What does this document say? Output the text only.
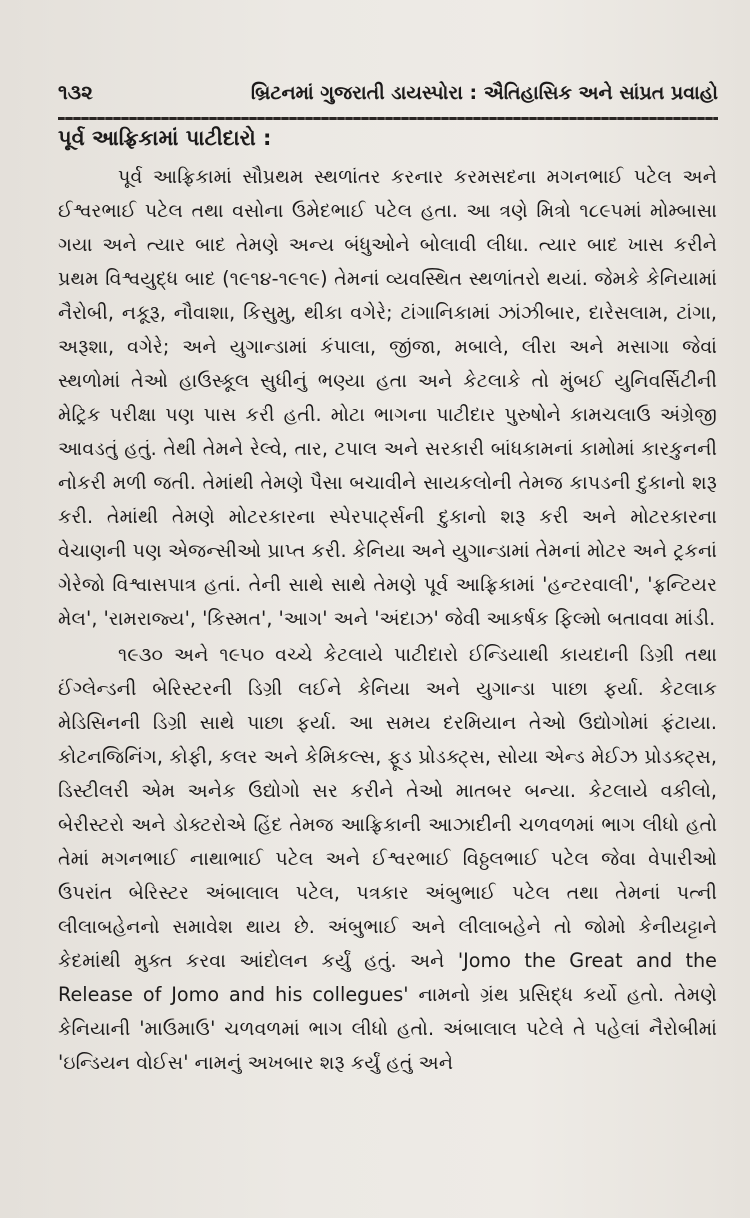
૧૩૨	બ્રિટનમાં ગુજરાતી ડાયસ્પોરા : ઐતિહાસિક અને સાંપ્રત પ્રવાહો
પૂર્વ આફ્રિકામાં પાટીદારો :

પૂર્વ આફ્રિકામાં સૌપ્રથમ સ્થળાંતર કરનાર કરમસદના મગનભાઈ પટેલ અને ઈશ્વરભાઈ પટેલ તથા વસોના ઉમેદભાઈ પટેલ હતા. આ ત્રણે મિત્રો ૧૮૯૫માં મોમ્બાસા ગયા અને ત્યાર બાદ તેમણે અન્ય બંધુઓને બોલાવી લીધા. ત્યાર બાદ ખાસ કરીને પ્રથમ વિશ્વયુદ્ધ બાદ (૧૯૧૪-૧૯૧૯) તેમનાં વ્યવસ્થિત સ્થળાંતરો થયાં. જેમકે કેનિયામાં નૈરોબી, નકૂરૂ, નૌવાશા, કિસુમુ, થીકા વગેરે; ટાંગાનિકામાં ઝાંઝીબાર, દારેસલામ, ટાંગા, અરૂશા, વગેરે; અને યુગાન્ડામાં કંપાલા, જીંજા, મબાલે, લીરા અને મસાગા જેવાં સ્થળોમાં તેઓ હાઉસ્કૂલ સુધીનું ભણ્યા હતા અને કેટલાકે તો મુંબઈ યુનિવર્સિટીની મેટ્રિક પરીક્ષા પણ પાસ કરી હતી. મોટા ભાગના પાટીદાર પુરુષોને કામચલાઉ અંગ્રેજી આવડતું હતું. તેથી તેમને રેલ્વે, તાર, ટપાલ અને સરકારી બાંધકામનાં કામોમાં કારકુનની નોકરી મળી જતી. તેમાંથી તેમણે પૈસા બચાવીને સાયકલોની તેમજ કાપડની દુકાનો શરૂ કરી. તેમાંથી તેમણે મોટરકારના સ્પેરપાર્ટ્સની દુકાનો શરૂ કરી અને મોટરકારના વેચાણની પણ એજન્સીઓ પ્રાપ્ત કરી. કેનિયા અને યુગાન્ડામાં તેમનાં મોટર અને ટ્રકનાં ગેરેજો વિશ્વાસપાત્ર હતાં. તેની સાથે સાથે તેમણે પૂર્વ આફ્રિકામાં 'હન્ટરવાલી', 'ફ્રન્ટિયર મેલ', 'રામરાજ્ય', 'કિસ્મત', 'આગ' અને 'અંદાઝ' જેવી આકર્ષક ફિલ્મો બતાવવા માંડી.

૧૯૩૦ અને ૧૯૫૦ વચ્ચે કેટલાયે પાટીદારો ઈન્ડિયાથી કાયદાની ડિગ્રી તથા ઈંગ્લેન્ડની બેરિસ્ટરની ડિગ્રી લઈને કેનિયા અને યુગાન્ડા પાછા ફર્યા. કેટલાક મેડિસિનની ડિગ્રી સાથે પાછા ફર્યા. આ સમય દરમિયાન તેઓ ઉદ્યોગોમાં ફંટાયા. કોટનજિનિંગ, કોફી, કલર અને કેમિકલ્સ, ફૂડ પ્રોડક્ટ્સ, સોયા એન્ડ મેઈઝ પ્રોડક્ટ્સ, ડિસ્ટીલરી એમ અનેક ઉદ્યોગો સર કરીને તેઓ માતબર બન્યા. કેટલાયે વકીલો, બેરીસ્ટરો અને ડોક્ટરોએ હિંદ તેમજ આફ્રિકાની આઝાદીની ચળવળમાં ભાગ લીધો હતો તેમાં મગનભાઈ નાથાભાઈ પટેલ અને ઈશ્વરભાઈ વિઠ્ઠલભાઈ પટેલ જેવા વેપારીઓ ઉપરાંત બેરિસ્ટર અંબાલાલ પટેલ, પત્રકાર અંબુભાઈ પટેલ તથા તેમનાં પત્ની લીલાબહેનનો સમાવેશ થાય છે. અંબુભાઈ અને લીલાબહેને તો જોમો કેનીયટ્ટાને કેદમાંથી મુક્ત કરવા આંદોલન કર્યું હતું. અને 'Jomo the Great and the Release of Jomo and his collegues' નામનો ગ્રંથ પ્રસિદ્ધ કર્યો હતો. તેમણે કેનિયાની 'માઉમાઉ' ચળવળમાં ભાગ લીધો હતો. અંબાલાલ પટેલે તે પહેલાં નૈરોબીમાં 'ઇન્ડિયન વોઈસ' નામનું અખબાર શરૂ કર્યું હતું અને
